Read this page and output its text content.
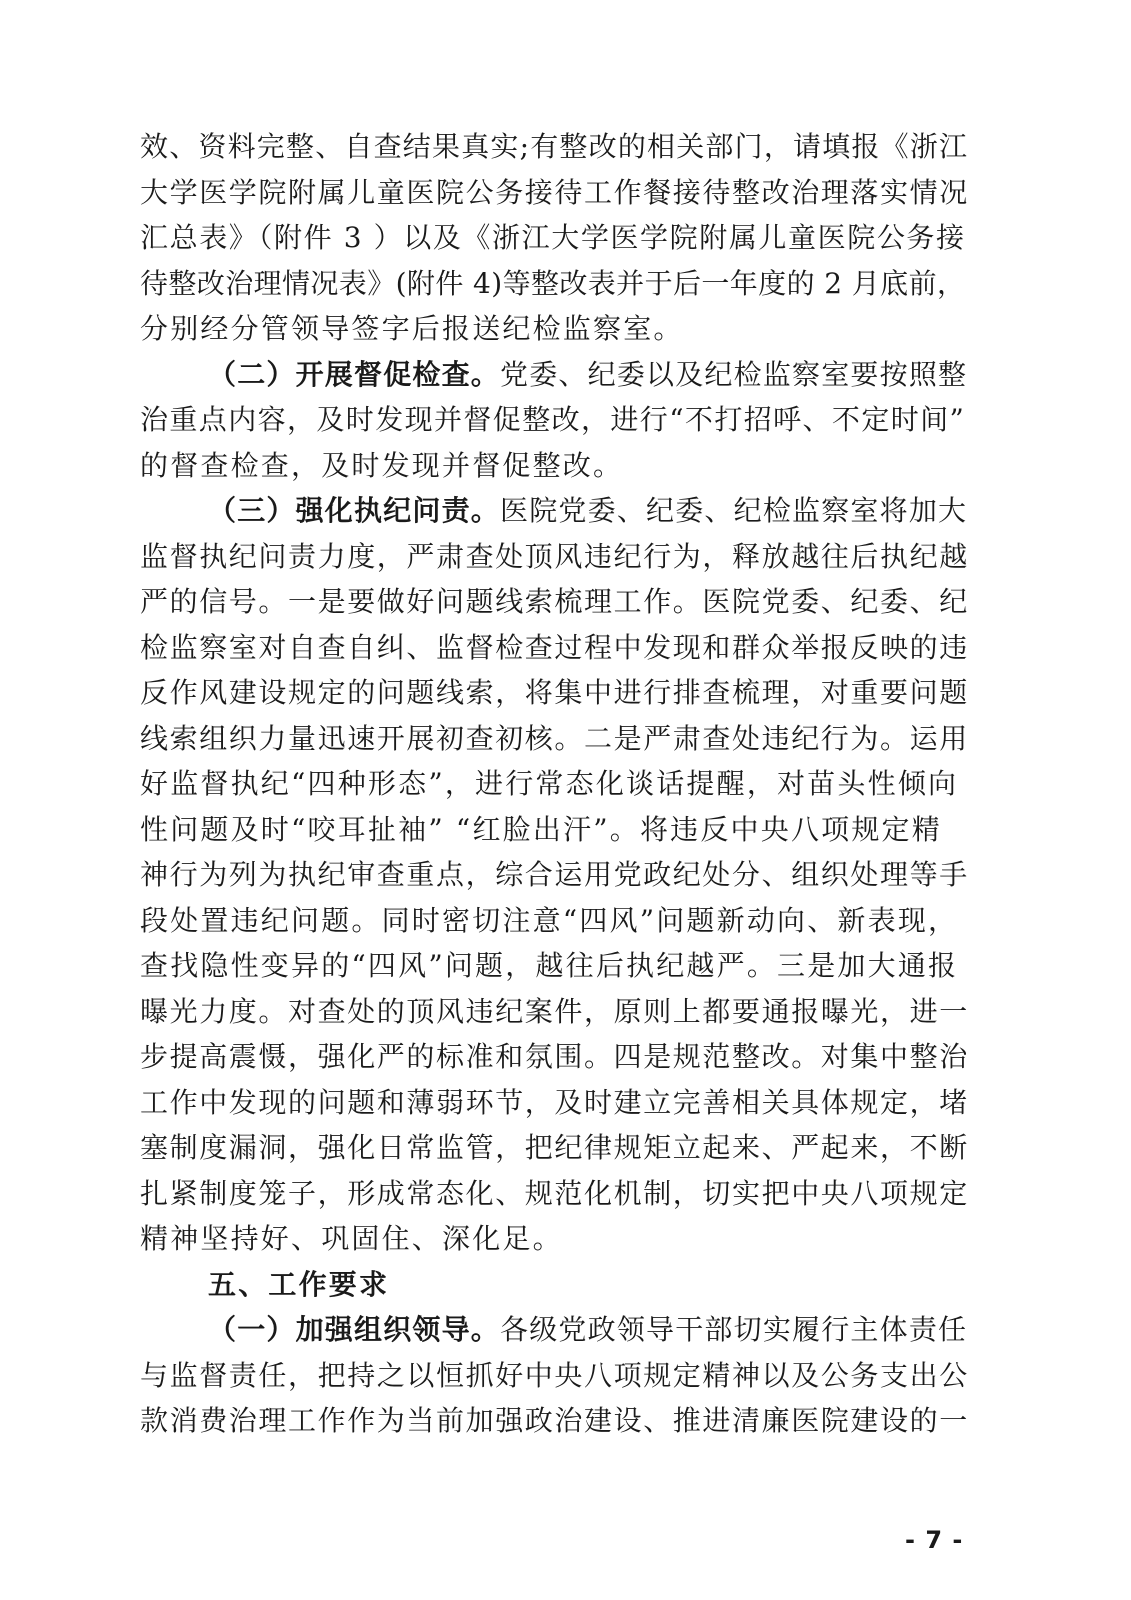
效、资料完整、自查结果真实;有整改的相关部门，请填报《浙江
大学医学院附属儿童医院公务接待工作餐接待整改治理落实情况
汇总表》（附件 3 ）以及《浙江大学医学院附属儿童医院公务接
待整改治理情况表》(附件 4)等整改表并于后一年度的 2 月底前，
分别经分管领导签字后报送纪检监察室。
（二）开展督促检查。党委、纪委以及纪检监察室要按照整
治重点内容，及时发现并督促整改，进行“不打招呼、不定时间”
的督查检查，及时发现并督促整改。
（三）强化执纪问责。医院党委、纪委、纪检监察室将加大
监督执纪问责力度，严肃查处顶风违纪行为，释放越往后执纪越
严的信号。一是要做好问题线索梳理工作。医院党委、纪委、纪
检监察室对自查自纠、监督检查过程中发现和群众举报反映的违
反作风建设规定的问题线索，将集中进行排查梳理，对重要问题
线索组织力量迅速开展初查初核。二是严肃查处违纪行为。运用
好监督执纪“四种形态”，进行常态化谈话提醒，对苗头性倾向
性问题及时“咬耳扯袖” “红脸出汗”。将违反中央八项规定精
神行为列为执纪审查重点，综合运用党政纪处分、组织处理等手
段处置违纪问题。同时密切注意“四风”问题新动向、新表现，
查找隐性变异的“四风”问题，越往后执纪越严。三是加大通报
曝光力度。对查处的顶风违纪案件，原则上都要通报曝光，进一
步提高震慑，强化严的标准和氛围。四是规范整改。对集中整治
工作中发现的问题和薄弱环节，及时建立完善相关具体规定，堵
塞制度漏洞，强化日常监管，把纪律规矩立起来、严起来，不断
扎紧制度笼子，形成常态化、规范化机制，切实把中央八项规定
精神坚持好、巩固住、深化足。
五、工作要求
（一）加强组织领导。各级党政领导干部切实履行主体责任
与监督责任，把持之以恒抓好中央八项规定精神以及公务支出公
款消费治理工作作为当前加强政治建设、推进清廉医院建设的一
- 7 -
